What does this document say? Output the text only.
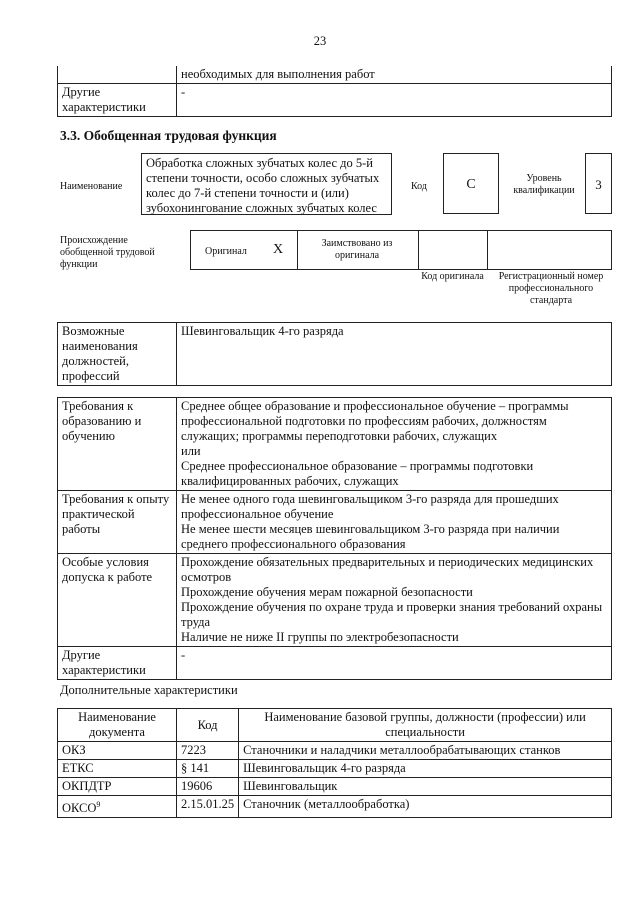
23
	необходимых для выполнения работ
Другие характеристики	-
3.3. Обобщенная трудовая функция
Наименование
Обработка сложных зубчатых колес до 5-й степени точности, особо сложных зубчатых колес до 7-й степени точности и (или) зубохонингование сложных зубчатых колес
Код	C	Уровень квалификации	3
Происхождение обобщенной трудовой функции
Оригинал X	Заимствовано из оригинала
Код оригинала	Регистрационный номер профессионального стандарта
Возможные наименования должностей, профессий	Шевинговальщик 4-го разряда
Требования к образованию и обучению	Среднее общее образование и профессиональное обучение – программы профессиональной подготовки по профессиям рабочих, должностям служащих; программы переподготовки рабочих, служащих
или
Среднее профессиональное образование – программы подготовки квалифицированных рабочих, служащих

Требования к опыту практической работы	Не менее одного года шевинговальщиком 3-го разряда для прошедших профессиональное обучение
Не менее шести месяцев шевинговальщиком 3-го разряда при наличии среднего профессионального образования

Особые условия допуска к работе	Прохождение обязательных предварительных и периодических медицинских осмотров
Прохождение обучения мерам пожарной безопасности
Прохождение обучения по охране труда и проверки знания требований охраны труда
Наличие не ниже II группы по электробезопасности

Другие характеристики	-
Дополнительные характеристики
Наименование документа	Код	Наименование базовой группы, должности (профессии) или специальности
ОКЗ	7223	Станочники и наладчики металлообрабатывающих станков
ЕТКС	§ 141	Шевинговальщик 4-го разряда
ОКПДТР	19606	Шевинговальщик
ОКСО$^9$	2.15.01.25	Станочник (металлообработка)
